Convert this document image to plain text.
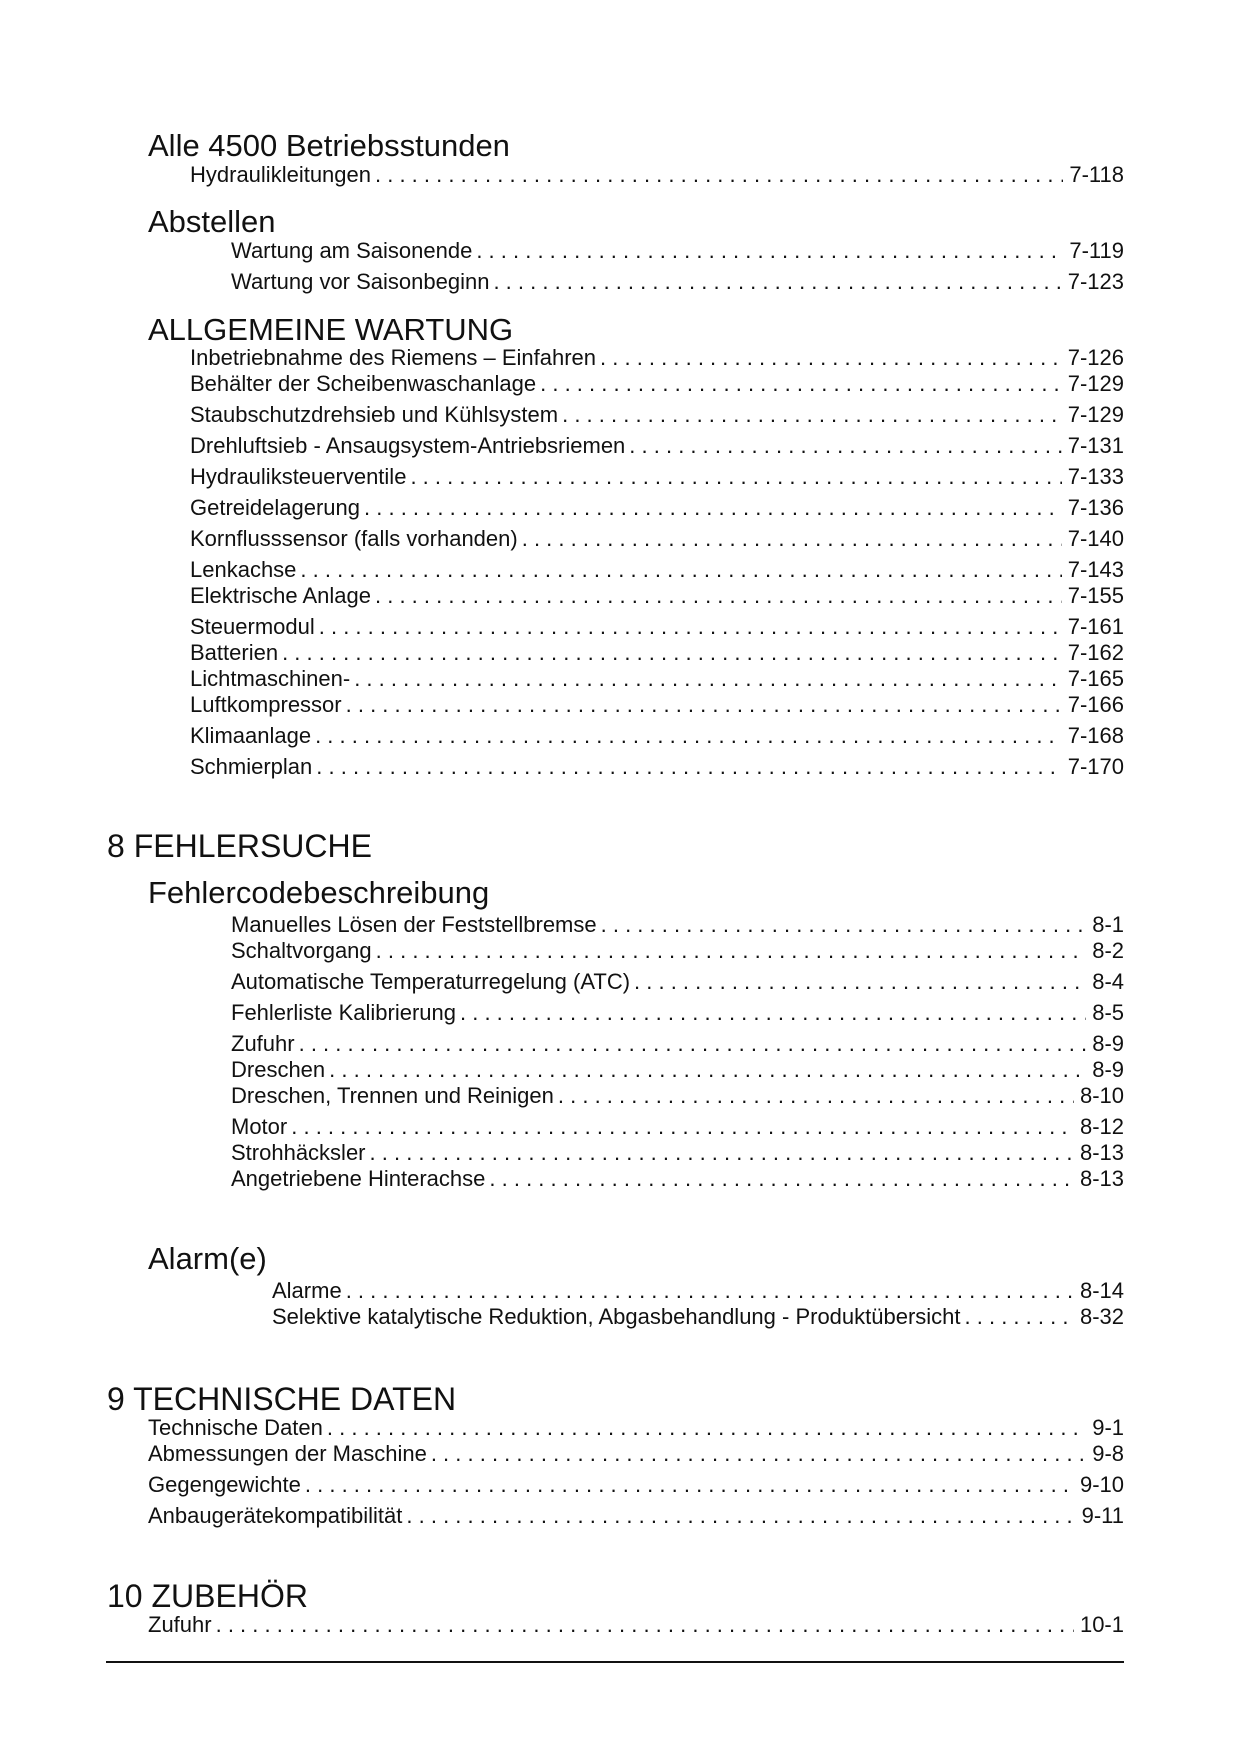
Alle 4500 Betriebsstunden
Hydraulikleitungen . . .	7-118
Abstellen
Wartung am Saisonende . . .	7-119
Wartung vor Saisonbeginn . . .	7-123
ALLGEMEINE WARTUNG
Inbetriebnahme des Riemens – Einfahren . . .	7-126
Behälter der Scheibenwaschanlage . . .	7-129
Staubschutzdrehsieb und Kühlsystem . . .	7-129
Drehluftsieb - Ansaugsystem-Antriebsriemen . . .	7-131
Hydrauliksteuerventile . . .	7-133
Getreidelagerung . . .	7-136
Kornflusssensor (falls vorhanden) . . .	7-140
Lenkachse . . .	7-143
Elektrische Anlage . . .	7-155
Steuermodul . . .	7-161
Batterien . . .	7-162
Lichtmaschinen- . . .	7-165
Luftkompressor . . .	7-166
Klimaanlage . . .	7-168
Schmierplan . . .	7-170
8 FEHLERSUCHE
Fehlercodebeschreibung
Manuelles Lösen der Feststellbremse . . .	8-1
Schaltvorgang . . .	8-2
Automatische Temperaturregelung (ATC) . . .	8-4
Fehlerliste Kalibrierung . . .	8-5
Zufuhr . . .	8-9
Dreschen . . .	8-9
Dreschen, Trennen und Reinigen . . .	8-10
Motor . . .	8-12
Strohhäcksler . . .	8-13
Angetriebene Hinterachse . . .	8-13
Alarm(e)
Alarme . . .	8-14
Selektive katalytische Reduktion, Abgasbehandlung - Produktübersicht . . .	8-32
9 TECHNISCHE DATEN
Technische Daten . . .	9-1
Abmessungen der Maschine . . .	9-8
Gegengewichte . . .	9-10
Anbaugerätekompatibilität . . .	9-11
10 ZUBEHÖR
Zufuhr . . .	10-1
